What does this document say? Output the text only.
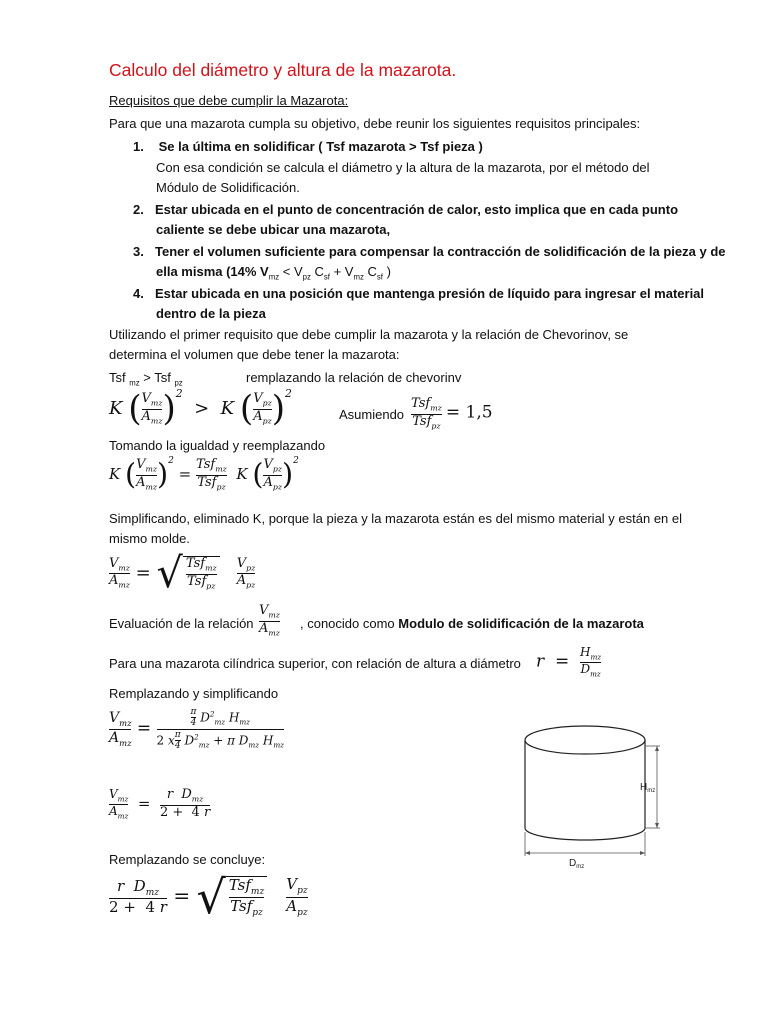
Calculo del diámetro y altura de la mazarota.
Requisitos que debe cumplir la Mazarota:
Para que una mazarota cumpla su objetivo, debe reunir los siguientes requisitos principales:
1. Se la última en solidificar ( Tsf mazarota > Tsf pieza )
Con esa condición se calcula el diámetro y la altura de la mazarota, por el método del
Módulo de Solidificación.
2. Estar ubicada en el punto de concentración de calor, esto implica que en cada punto
caliente se debe ubicar una mazarota,
3. Tener el volumen suficiente para compensar la contracción de solidificación de la pieza y de
ella misma (14% $V_{mz} < V_{pz}$ $C_{sf} + V_{mz}$ $C_{sf}$ )
4. Estar ubicada en una posición que mantenga presión de líquido para ingresar el material
dentro de la pieza
Utilizando el primer requisito que debe cumplir la mazarota y la relación de Chevorinov, se
determina el volumen que debe tener la mazarota:
Tsf $_{mz}$ > Tsf $_{pz}$	remplazando la relación de chevorinv
K ( $\frac{V_{mz}}{A_{mz}} )^2 > K$ ( $\frac{V_{pz}}{A_{pz}} )^2$
Asumiendo $\frac{Tsf_{mz}}{Tsf_{pz}} = 1,5$
Tomando la igualdad y reemplazando
K ( $\frac{V_{mz}}{A_{mz}} )^2 = \frac{Tsf_{mz}}{Tsf_{pz}}$ K ( $\frac{V_{pz}}{A_{pz}} )^2$
Simplificando, eliminado K, porque la pieza y la mazarota están es del mismo material y están en el
mismo molde.
$\frac{V_{mz}}{A_{mz}}$ = √ $\frac{Tsf_{mz}}{Tsf_{pz}}$
$\frac{V_{pz}}{A_{pz}}$
Evaluación de la relación $\frac{V_{mz}}{A_{mz}}$ , conocido como Modulo de solidificación de la mazarota
Para una mazarota cilíndrica superior, con relación de altura a diámetro $r = \frac{H_{mz}}{D_{mz}}$
Remplazando y simplificando
$\frac{V_{mz}}{A_{mz}} = \frac{\frac{\pi}{4} D^2_{mz} H_{mz}}{2 x \frac{\pi}{4} D^2_{mz} + \pi D_{mz} H_{mz}}$
$\frac{V_{mz}}{A_{mz}} = \frac{r D_{mz}}{2 + 4 r}$
Remplazando se concluye:
$\frac{r D_{mz}}{2 + 4 r}$ = √ $\frac{Tsf_{mz}}{Tsf_{pz}}$
$\frac{V_{pz}}{A_{pz}}$
$H_{mz}$
$D_{mz}$
